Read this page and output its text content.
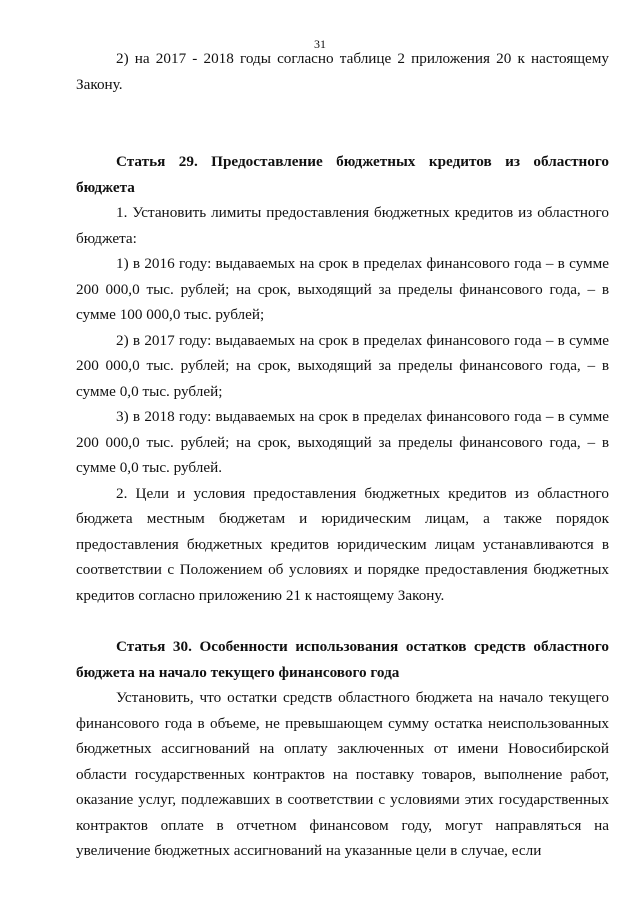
31

2) на 2017 - 2018 годы согласно таблице 2 приложения 20 к настоящему Закону.

Статья 29. Предоставление бюджетных кредитов из областного бюджета

1. Установить лимиты предоставления бюджетных кредитов из областного бюджета:

1) в 2016 году: выдаваемых на срок в пределах финансового года – в сумме 200 000,0 тыс. рублей; на срок, выходящий за пределы финансового года, – в сумме 100 000,0 тыс. рублей;

2) в 2017 году: выдаваемых на срок в пределах финансового года – в сумме 200 000,0 тыс. рублей; на срок, выходящий за пределы финансового года, – в сумме 0,0 тыс. рублей;

3) в 2018 году: выдаваемых на срок в пределах финансового года – в сумме 200 000,0 тыс. рублей; на срок, выходящий за пределы финансового года, – в сумме 0,0 тыс. рублей.

2. Цели и условия предоставления бюджетных кредитов из областного бюджета местным бюджетам и юридическим лицам, а также порядок предоставления бюджетных кредитов юридическим лицам устанавливаются в соответствии с Положением об условиях и порядке предоставления бюджетных кредитов согласно приложению 21 к настоящему Закону.

Статья 30. Особенности использования остатков средств областного бюджета на начало текущего финансового года

Установить, что остатки средств областного бюджета на начало текущего финансового года в объеме, не превышающем сумму остатка неиспользованных бюджетных ассигнований на оплату заключенных от имени Новосибирской области государственных контрактов на поставку товаров, выполнение работ, оказание услуг, подлежавших в соответствии с условиями этих государственных контрактов оплате в отчетном финансовом году, могут направляться на увеличение бюджетных ассигнований на указанные цели в случае, если
